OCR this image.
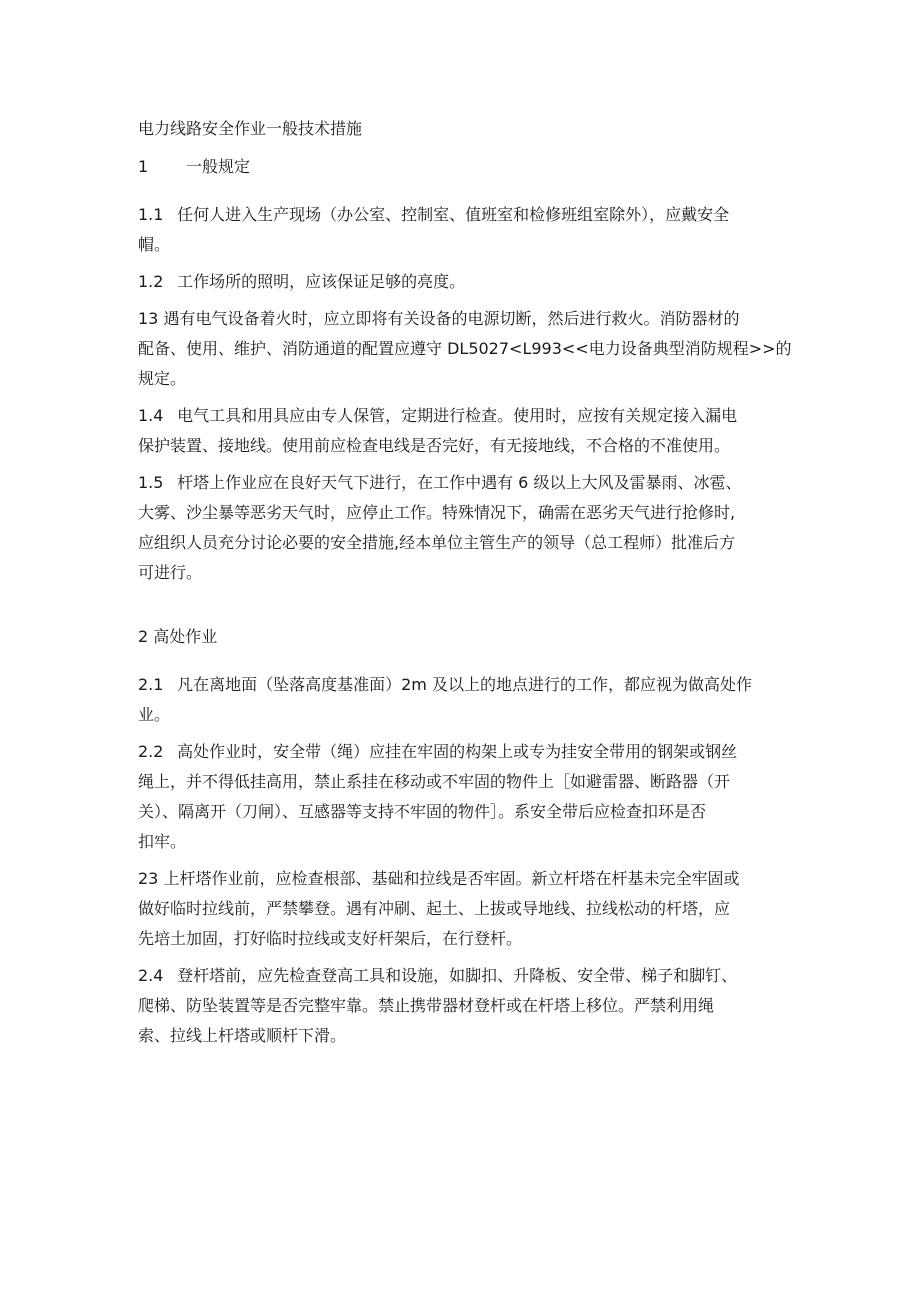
电力线路安全作业一般技术措施
1 一般规定
1.1 任何人进入生产现场（办公室、控制室、值班室和检修班组室除外），应戴安全
帽。
1.2 工作场所的照明，应该保证足够的亮度。
13 遇有电气设备着火时，应立即将有关设备的电源切断，然后进行救火。消防器材的
配备、使用、维护、消防通道的配置应遵守 DL5027<L993<<电力设备典型消防规程>>的
规定。
1.4 电气工具和用具应由专人保管，定期进行检查。使用时，应按有关规定接入漏电
保护装置、接地线。使用前应检查电线是否完好，有无接地线，不合格的不准使用。
1.5 杆塔上作业应在良好天气下进行，在工作中遇有 6 级以上大风及雷暴雨、冰雹、
大雾、沙尘暴等恶劣天气时，应停止工作。特殊情况下，确需在恶劣天气进行抢修时,
应组织人员充分讨论必要的安全措施,经本单位主管生产的领导（总工程师）批准后方
可进行。
2 高处作业
2.1 凡在离地面（坠落高度基准面）2m 及以上的地点进行的工作，都应视为做高处作
业。
2.2 高处作业时，安全带（绳）应挂在牢固的构架上或专为挂安全带用的钢架或钢丝
绳上，并不得低挂高用，禁止系挂在移动或不牢固的物件上［如避雷器、断路器（开
关）、隔离开（刀闸）、互感器等支持不牢固的物件］。系安全带后应检查扣环是否
扣牢。
23 上杆塔作业前，应检查根部、基础和拉线是否牢固。新立杆塔在杆基未完全牢固或
做好临时拉线前，严禁攀登。遇有冲刷、起土、上拔或导地线、拉线松动的杆塔，应
先培土加固，打好临时拉线或支好杆架后，在行登杆。
2.4 登杆塔前，应先检查登高工具和设施，如脚扣、升降板、安全带、梯子和脚钉、
爬梯、防坠装置等是否完整牢靠。禁止携带器材登杆或在杆塔上移位。严禁利用绳
索、拉线上杆塔或顺杆下滑。
